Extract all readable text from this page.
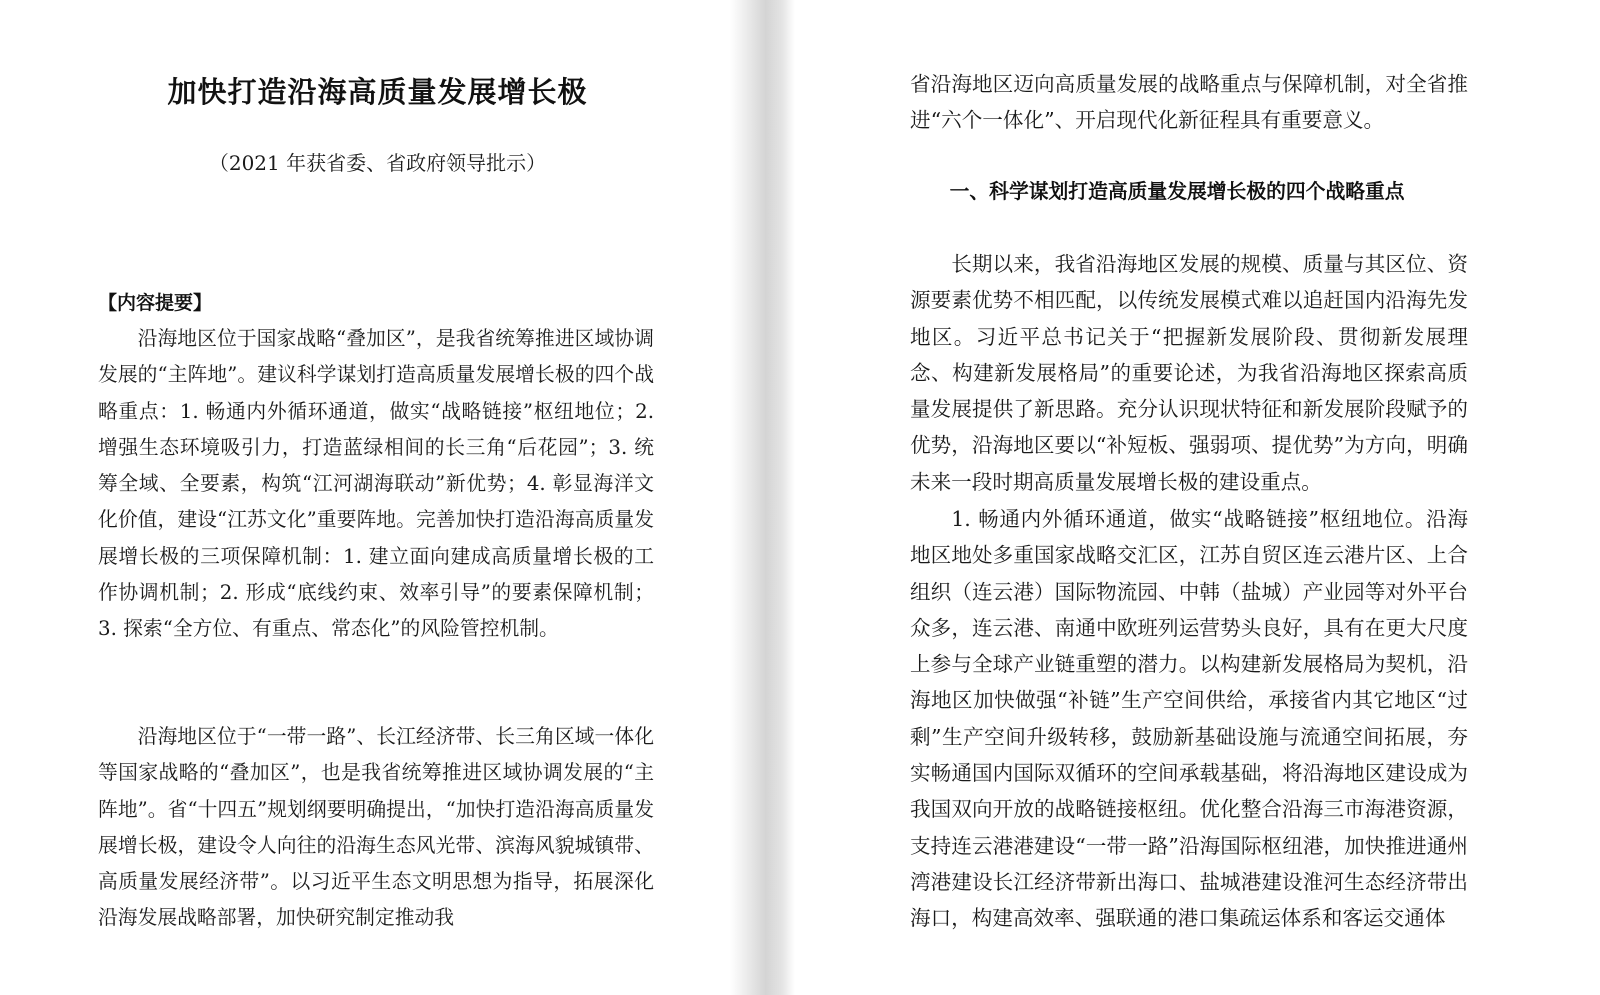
加快打造沿海高质量发展增长极

（2021 年获省委、省政府领导批示）

【内容提要】

沿海地区位于国家战略“叠加区”，是我省统筹推进区域协调发展的“主阵地”。建议科学谋划打造高质量发展增长极的四个战略重点：1. 畅通内外循环通道，做实“战略链接”枢纽地位；2. 增强生态环境吸引力，打造蓝绿相间的长三角“后花园”；3. 统筹全域、全要素，构筑“江河湖海联动”新优势；4. 彰显海洋文化价值，建设“江苏文化”重要阵地。完善加快打造沿海高质量发展增长极的三项保障机制：1. 建立面向建成高质量增长极的工作协调机制；2. 形成“底线约束、效率引导”的要素保障机制；3. 探索“全方位、有重点、常态化”的风险管控机制。

沿海地区位于“一带一路”、长江经济带、长三角区域一体化等国家战略的“叠加区”，也是我省统筹推进区域协调发展的“主阵地”。省“十四五”规划纲要明确提出，“加快打造沿海高质量发展增长极，建设令人向往的沿海生态风光带、滨海风貌城镇带、高质量发展经济带”。以习近平生态文明思想为指导，拓展深化沿海发展战略部署，加快研究制定推动我

省沿海地区迈向高质量发展的战略重点与保障机制，对全省推进“六个一体化”、开启现代化新征程具有重要意义。

一、科学谋划打造高质量发展增长极的四个战略重点

长期以来，我省沿海地区发展的规模、质量与其区位、资源要素优势不相匹配，以传统发展模式难以追赶国内沿海先发地区。习近平总书记关于“把握新发展阶段、贯彻新发展理念、构建新发展格局”的重要论述，为我省沿海地区探索高质量发展提供了新思路。充分认识现状特征和新发展阶段赋予的优势，沿海地区要以“补短板、强弱项、提优势”为方向，明确未来一段时期高质量发展增长极的建设重点。

1. 畅通内外循环通道，做实“战略链接”枢纽地位。沿海地区地处多重国家战略交汇区，江苏自贸区连云港片区、上合组织（连云港）国际物流园、中韩（盐城）产业园等对外平台众多，连云港、南通中欧班列运营势头良好，具有在更大尺度上参与全球产业链重塑的潜力。以构建新发展格局为契机，沿海地区加快做强“补链”生产空间供给，承接省内其它地区“过剩”生产空间升级转移，鼓励新基础设施与流通空间拓展，夯实畅通国内国际双循环的空间承载基础，将沿海地区建设成为我国双向开放的战略链接枢纽。优化整合沿海三市海港资源，支持连云港港建设“一带一路”沿海国际枢纽港，加快推进通州湾港建设长江经济带新出海口、盐城港建设淮河生态经济带出海口，构建高效率、强联通的港口集疏运体系和客运交通体
